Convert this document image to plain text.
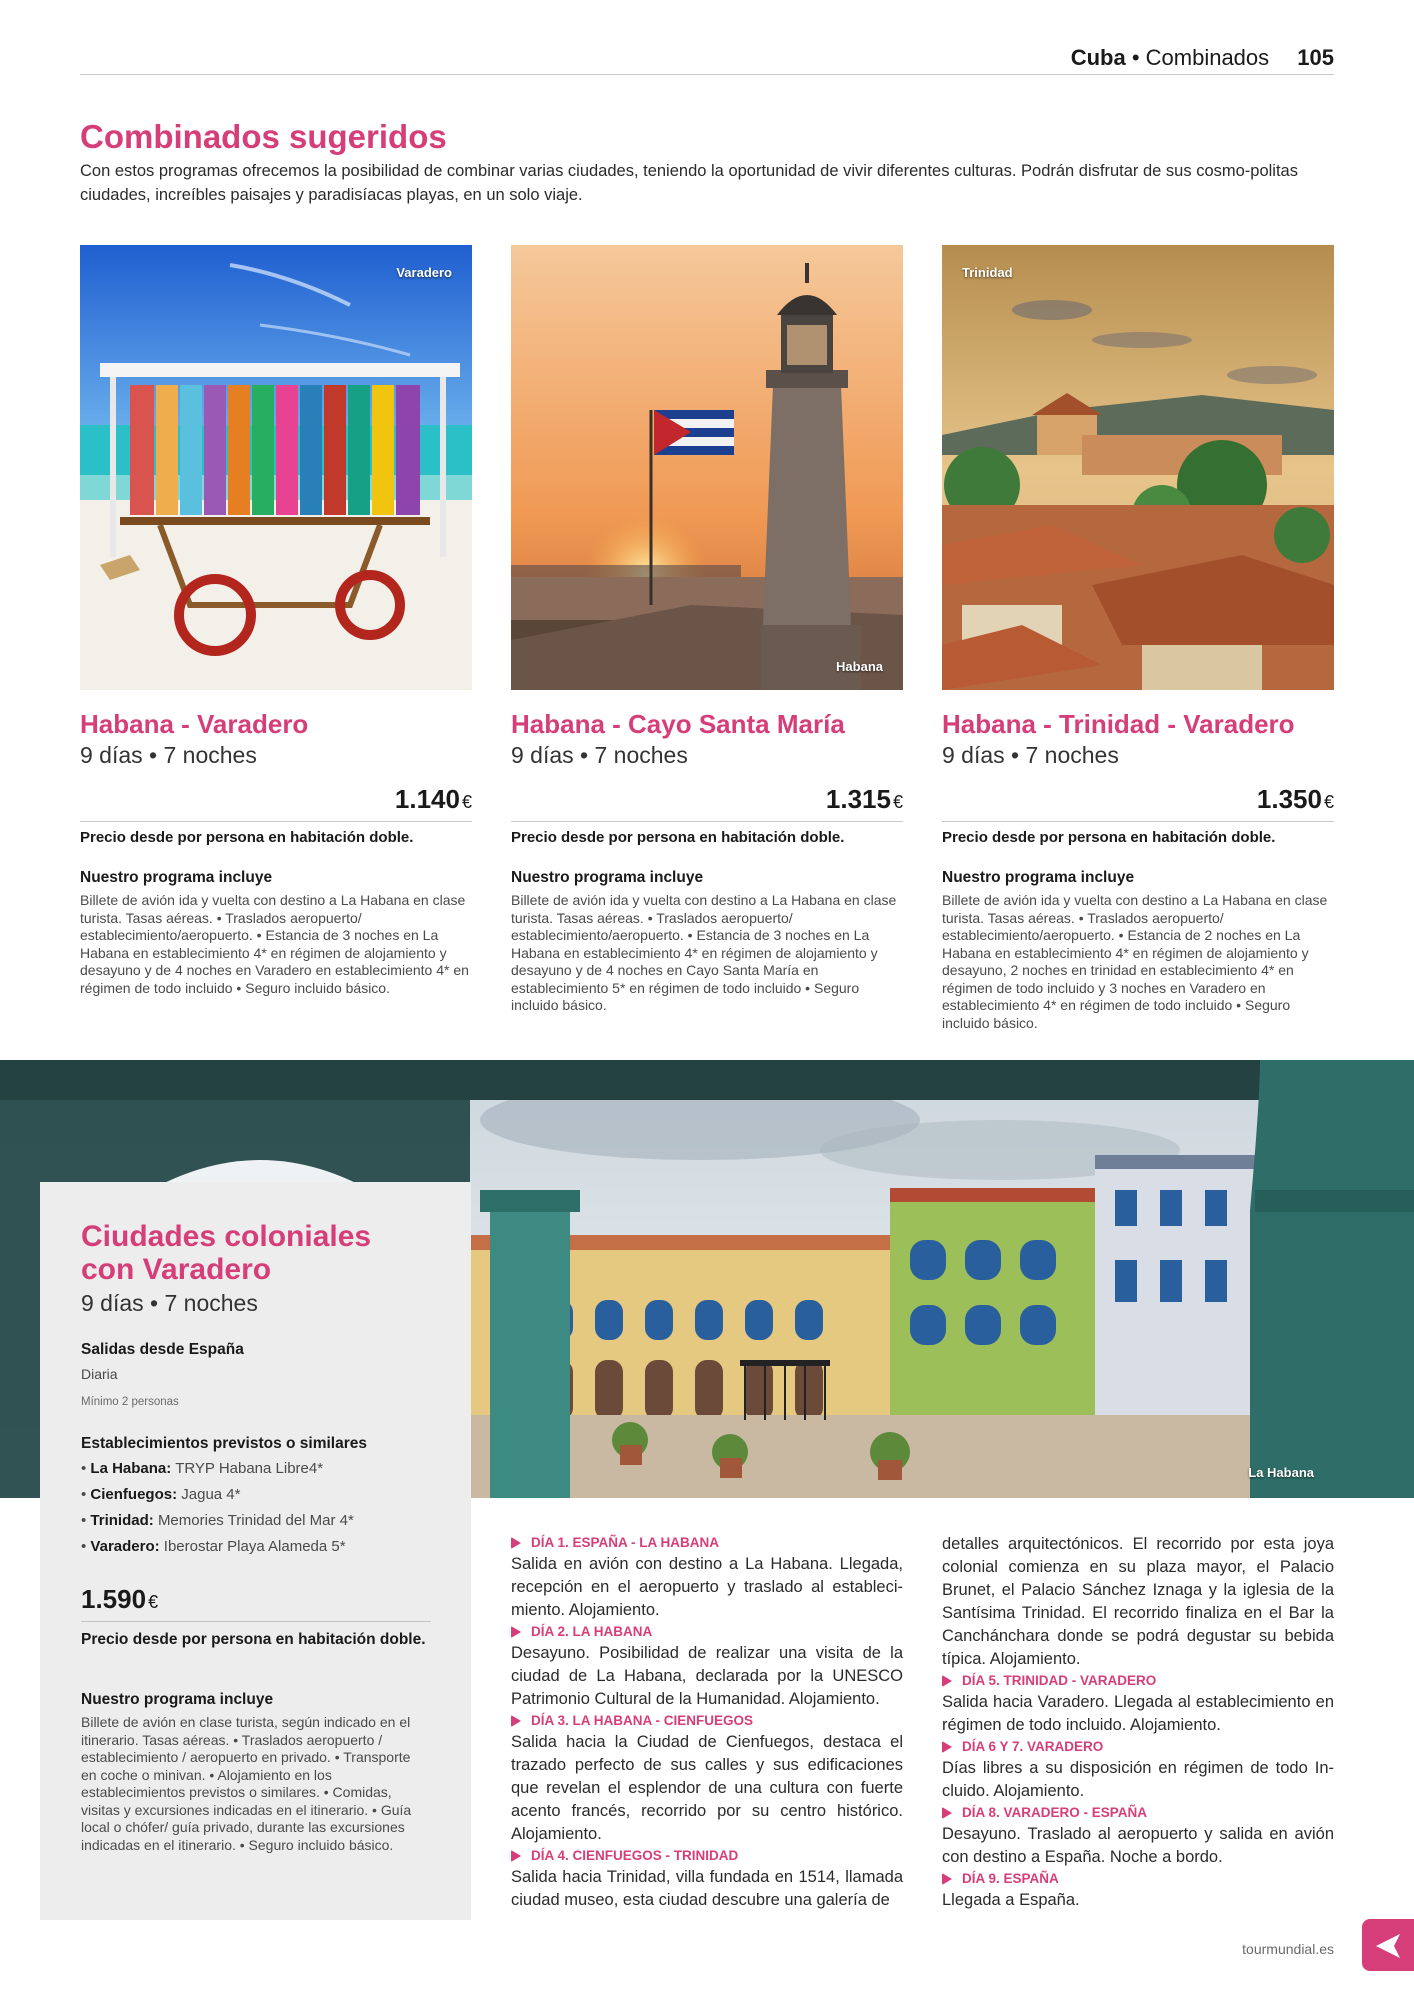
Cuba • Combinados 105
Combinados sugeridos

Con estos programas ofrecemos la posibilidad de combinar varias ciudades, teniendo la oportunidad de vivir diferentes culturas. Podrán disfrutar de sus cosmo-politas ciudades, increíbles paisajes y paradisíacas playas, en un solo viaje.

Varadero
Habana - Varadero
9 días • 7 noches
1.140 €
Precio desde por persona en habitación doble.
Nuestro programa incluye
Billete de avión ida y vuelta con destino a La Habana en clase turista. Tasas aéreas. • Traslados aeropuerto/ establecimiento/aeropuerto. • Estancia de 3 noches en La Habana en establecimiento 4* en régimen de alojamiento y desayuno y de 4 noches en Varadero en establecimiento 4* en régimen de todo incluido • Seguro incluido básico.
Habana
Habana - Cayo Santa María
9 días • 7 noches
1.315 €
Precio desde por persona en habitación doble.
Nuestro programa incluye
Billete de avión ida y vuelta con destino a La Habana en clase turista. Tasas aéreas. • Traslados aeropuerto/ establecimiento/aeropuerto. • Estancia de 3 noches en La Habana en establecimiento 4* en régimen de alojamiento y desayuno y de 4 noches en Cayo Santa María en establecimiento 5* en régimen de todo incluido • Seguro incluido básico.
Trinidad
Habana - Trinidad - Varadero
9 días • 7 noches
1.350 €
Precio desde por persona en habitación doble.
Nuestro programa incluye
Billete de avión ida y vuelta con destino a La Habana en clase turista. Tasas aéreas. • Traslados aeropuerto/ establecimiento/aeropuerto. • Estancia de 2 noches en La Habana en establecimiento 4* en régimen de alojamiento y desayuno, 2 noches en trinidad en establecimiento 4* en régimen de todo incluido y 3 noches en Varadero en establecimiento 4* en régimen de todo incluido • Seguro incluido básico.
La Habana
Ciudades coloniales
con Varadero
9 días • 7 noches
Salidas desde España
Diaria
Mínimo 2 personas
Establecimientos previstos o similares
• La Habana: TRYP Habana Libre4*
• Cienfuegos: Jagua 4*
• Trinidad: Memories Trinidad del Mar 4*
• Varadero: Iberostar Playa Alameda 5*
1.590 €
Precio desde por persona en habitación doble.
Nuestro programa incluye
Billete de avión en clase turista, según indicado en el itinerario. Tasas aéreas. • Traslados aeropuerto / establecimiento / aeropuerto en privado. • Transporte en coche o minivan. • Alojamiento en los establecimientos previstos o similares. • Comidas, visitas y excursiones indicadas en el itinerario. • Guía local o chófer/ guía privado, durante las excursiones indicadas en el itinerario. • Seguro incluido básico.
DÍA 1. ESPAÑA - LA HABANA
Salida en avión con destino a La Habana. Llegada, recepción en el aeropuerto y traslado al estableci-miento. Alojamiento.
DÍA 2. LA HABANA
Desayuno. Posibilidad de realizar una visita de la ciudad de La Habana, declarada por la UNESCO Patrimonio Cultural de la Humanidad. Alojamiento.
DÍA 3. LA HABANA - CIENFUEGOS
Salida hacia la Ciudad de Cienfuegos, destaca el trazado perfecto de sus calles y sus edificaciones que revelan el esplendor de una cultura con fuerte acento francés, recorrido por su centro histórico. Alojamiento.
DÍA 4. CIENFUEGOS - TRINIDAD
Salida hacia Trinidad, villa fundada en 1514, llamada ciudad museo, esta ciudad descubre una galería de
detalles arquitectónicos. El recorrido por esta joya colonial comienza en su plaza mayor, el Palacio Brunet, el Palacio Sánchez Iznaga y la iglesia de la Santísima Trinidad. El recorrido finaliza en el Bar la Canchánchara donde se podrá degustar su bebida típica. Alojamiento.
DÍA 5. TRINIDAD - VARADERO
Salida hacia Varadero. Llegada al establecimiento en régimen de todo incluido. Alojamiento.
DÍA 6 Y 7. VARADERO
Días libres a su disposición en régimen de todo In-cluido. Alojamiento.
DÍA 8. VARADERO - ESPAÑA
Desayuno. Traslado al aeropuerto y salida en avión con destino a España. Noche a bordo.
DÍA 9. ESPAÑA
Llegada a España.
tourmundial.es
